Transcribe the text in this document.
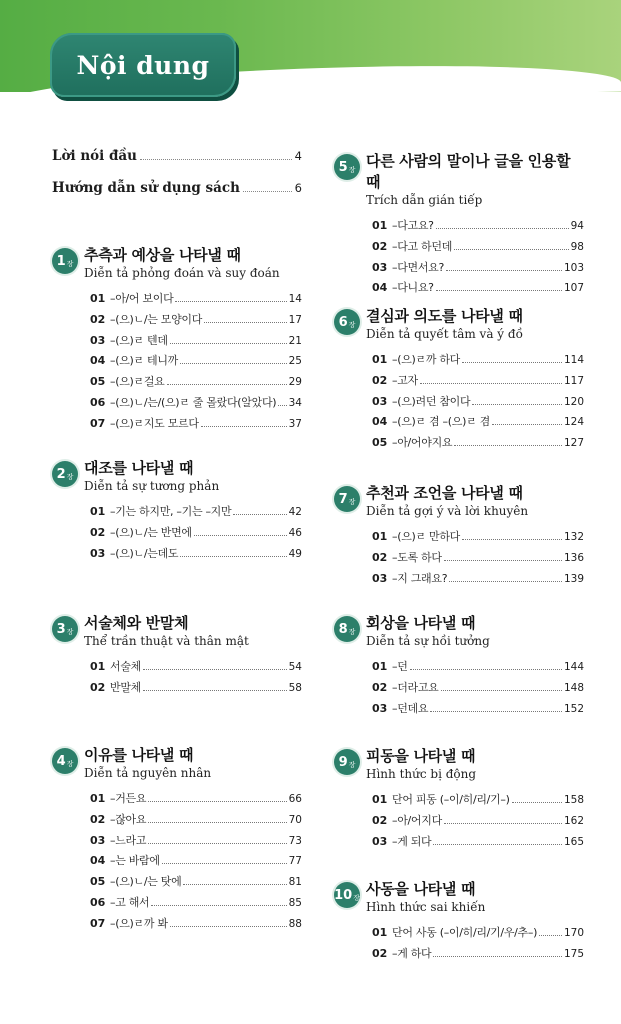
Nội dung
Lời nói đầu	4
Hướng dẫn sử dụng sách	6
1 장 추측과 예상을 나타낼 때
Diễn tả phỏng đoán và suy đoán
01 –아/어 보이다	14
02 –(으)ㄴ/는 모양이다	17
03 –(으)ㄹ 텐데	21
04 –(으)ㄹ 테니까	25
05 –(으)ㄹ걸요	29
06 –(으)ㄴ/는/(으)ㄹ 줄 몰랐다(알았다) 34
07 –(으)ㄹ지도 모르다	37
2 장 대조를 나타낼 때
Diễn tả sự tương phản
01 –기는 하지만, –기는 –지만	42
02 –(으)ㄴ/는 반면에	46
03 –(으)ㄴ/는데도	49
3 장 서술체와 반말체
Thể trần thuật và thân mật
01 서술체	54
02 반말체	58
4 장 이유를 나타낼 때
Diễn tả nguyên nhân
01 –거든요	66
02 –잖아요	70
03 –느라고	73
04 –는 바람에	77
05 –(으)ㄴ/는 탓에	81
06 –고 해서	85
07 –(으)ㄹ까 봐	88
5 장 다른 사람의 말이나 글을 인용할 때
Trích dẫn gián tiếp
01 –다고요?	94
02 –다고 하던데	98
03 –다면서요?	103
04 –다니요?	107
6 장 결심과 의도를 나타낼 때
Diễn tả quyết tâm và ý đồ
01 –(으)ㄹ까 하다	114
02 –고자	117
03 –(으)려던 참이다	120
04 –(으)ㄹ 겸 –(으)ㄹ 겸	124
05 –아/어야지요	127
7 장 추천과 조언을 나타낼 때
Diễn tả gợi ý và lời khuyên
01 –(으)ㄹ 만하다	132
02 –도록 하다	136
03 –지 그래요?	139
8 장 회상을 나타낼 때
Diễn tả sự hồi tưởng
01 –던	144
02 –더라고요	148
03 –던데요	152
9 장 피동을 나타낼 때
Hình thức bị động
01 단어 피동 (–이/히/리/기–)	158
02 –아/어지다	162
03 –게 되다	165
10 장 사동을 나타낼 때
Hình thức sai khiến
01 단어 사동 (–이/히/리/기/우/추–)	170
02 –게 하다	175
